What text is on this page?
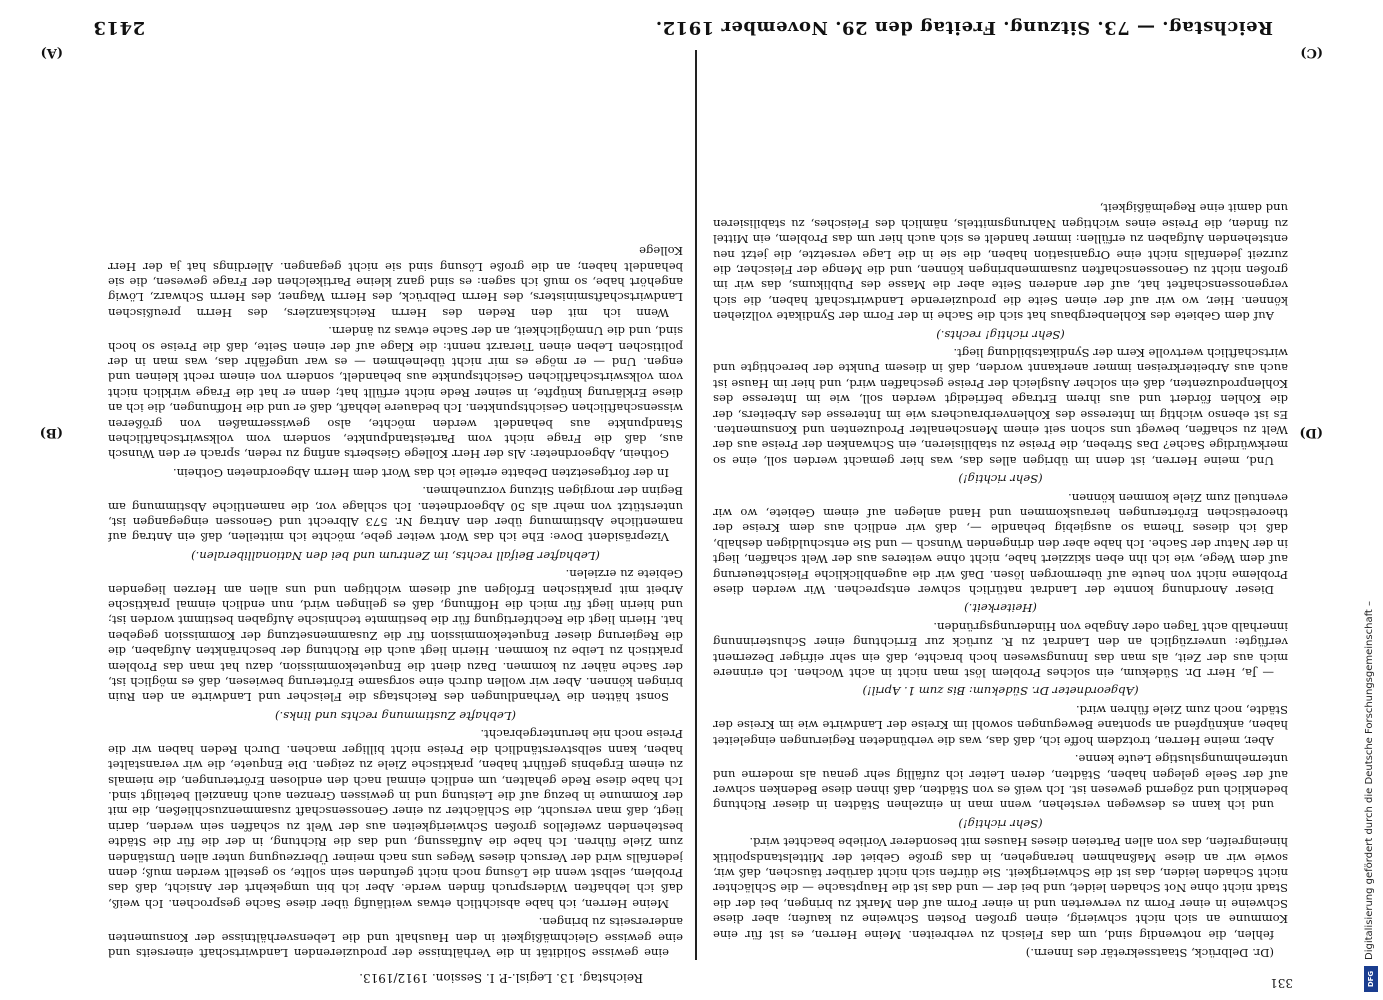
Reichstag. — 73. Sitzung. Freitag den 29. November 1912.
2413
(A)
(B)
(C)
(D)

(Dr. Delbrück, Staatssekretär des Innern.)

fehlen, die notwendig sind, um das Fleisch zu verbreiten. Meine Herren, es ist für eine Kommune an sich nicht schwierig, einen großen Posten Schweine zu kaufen; aber diese Schweine in einer Form zu verwerten und in einer Form auf den Markt zu bringen, bei der die Stadt nicht ohne Not Schaden leidet, und bei der — und das ist die Hauptsache — die Schlächter nicht Schaden leiden, das ist die Schwierigkeit. Sie dürfen sich nicht darüber täuschen, daß wir, sowie wir an diese Maßnahmen herangehen, in das große Gebiet der Mittelstandspolitik hineingreifen, das von allen Parteien dieses Hauses mit besonderer Vorliebe beachtet wird.

(Sehr richtig!)

und ich kann es deswegen verstehen, wenn man in einzelnen Städten in dieser Richtung bedenklich und zögernd gewesen ist. Ich weiß es von Städten, daß ihnen diese Bedenken schwer auf der Seele gelegen haben, Städten, deren Leiter ich zufällig sehr genau als moderne und unternehmungslustige Leute kenne.

Aber, meine Herren, trotzdem hoffe ich, daß das, was die verbündeten Regierungen eingeleitet haben, anknüpfend an spontane Bewegungen sowohl im Kreise der Landwirte wie im Kreise der Städte, noch zum Ziele führen wird.

(Abgeordneter Dr. Südekum: Bis zum 1. April!)

— Ja, Herr Dr. Südekum, ein solches Problem löst man nicht in acht Wochen. Ich erinnere mich aus der Zeit, als man das Innungswesen hoch brachte, daß ein sehr eifriger Dezernent verfügte: unverzüglich an den Landrat zu R. zurück zur Errichtung einer Schusterinnung innerhalb acht Tagen oder Angabe von Hinderungsgründen.

(Heiterkeit.)

Dieser Anordnung konnte der Landrat natürlich schwer entsprechen. Wir werden diese Probleme nicht von heute auf übermorgen lösen. Daß wir die augenblickliche Fleischteuerung auf dem Wege, wie ich ihn eben skizziert habe, nicht ohne weiteres aus der Welt schaffen, liegt in der Natur der Sache. Ich habe aber den dringenden Wunsch — und Sie entschuldigen deshalb, daß ich dieses Thema so ausgiebig behandle —, daß wir endlich aus dem Kreise der theoretischen Erörterungen herauskommen und Hand anlegen auf einem Gebiete, wo wir eventuell zum Ziele kommen können.

(Sehr richtig!)

Und, meine Herren, ist denn im übrigen alles das, was hier gemacht werden soll, eine so merkwürdige Sache? Das Streben, die Preise zu stabilisieren, ein Schwanken der Preise aus der Welt zu schaffen, bewegt uns schon seit einem Menschenalter Produzenten und Konsumenten. Es ist ebenso wichtig im Interesse des Kohlenverbrauchers wie im Interesse des Arbeiters, der die Kohlen fördert und aus ihrem Ertrage befriedigt werden soll, wie im Interesse des Kohlenproduzenten, daß ein solcher Ausgleich der Preise geschaffen wird, und hier im Hause ist auch aus Arbeiterkreisen immer anerkannt worden, daß in diesem Punkte der berechtigte und wirtschaftlich wertvolle Kern der Syndikatsbildung liegt.

(Sehr richtig! rechts.)

Auf dem Gebiete des Kohlenbergbaus hat sich die Sache in der Form der Syndikate vollziehen können. Hier, wo wir auf der einen Seite die produzierende Landwirtschaft haben, die sich vergenossenschaftet hat, auf der anderen Seite aber die Masse des Publikums, das wir im großen nicht zu Genossenschaften zusammenbringen können, und die Menge der Fleischer, die zurzeit jedenfalls nicht eine Organisation haben, die sie in die Lage versetzte, die jetzt neu entstehenden Aufgaben zu erfüllen: immer handelt es sich auch hier um das Problem, ein Mittel zu finden, die Preise eines wichtigen Nahrungsmittels, nämlich des Fleisches, zu stabilisieren und damit eine Regelmäßigkeit,

eine gewisse Solidität in die Verhältnisse der produzierenden Landwirtschaft einerseits und eine gewisse Gleichmäßigkeit in den Haushalt und die Lebensverhältnisse der Konsumenten andererseits zu bringen.

Meine Herren, ich habe absichtlich etwas weitläufig über diese Sache gesprochen. Ich weiß, daß ich lebhaften Widerspruch finden werde. Aber ich bin umgekehrt der Ansicht, daß das Problem, selbst wenn die Lösung noch nicht gefunden sein sollte, so gestellt werden muß; denn jedenfalls wird der Versuch dieses Weges uns nach meiner Überzeugung unter allen Umständen zum Ziele führen. Ich habe die Auffassung, und das die Richtung, in der die für die Städte bestehenden zweifellos großen Schwierigkeiten aus der Welt zu schaffen sein werden, darin liegt, daß man versucht, die Schlächter zu einer Genossenschaft zusammenzuschließen, die mit der Kommune in bezug auf die Leistung und in gewissen Grenzen auch finanziell beteiligt sind. Ich habe diese Rede gehalten, um endlich einmal nach den endlosen Erörterungen, die niemals zu einem Ergebnis geführt haben, praktische Ziele zu zeigen. Die Enquete, die wir veranstaltet haben, kann selbstverständlich die Preise nicht billiger machen. Durch Reden haben wir die Preise noch nie heruntergebracht.

(Lebhafte Zustimmung rechts und links.)

Sonst hätten die Verhandlungen des Reichstags die Fleischer und Landwirte an den Ruin bringen können. Aber wir wollen durch eine sorgsame Erörterung bewiesen, daß es möglich ist, der Sache näher zu kommen. Dazu dient die Enquetekommission, dazu hat man das Problem praktisch zu Leibe zu kommen. Hierin liegt auch die Richtung der beschränkten Aufgaben, die die Regierung dieser Enquetekommission für die Zusammensetzung der Kommission gegeben hat. Hierin liegt die Rechtfertigung für die bestimmte technische Aufgaben bestimmt worden ist; und hierin liegt für mich die Hoffnung, daß es gelingen wird, nun endlich einmal praktische Arbeit mit praktischen Erfolgen auf diesem wichtigen und uns allen am Herzen liegenden Gebiete zu erzielen.

(Lebhafter Beifall rechts, im Zentrum und bei den Nationalliberalen.)

Vizepräsident Dove: Ehe ich das Wort weiter gebe, möchte ich mitteilen, daß ein Antrag auf namentliche Abstimmung über den Antrag Nr. 573 Albrecht und Genossen eingegangen ist, unterstützt von mehr als 50 Abgeordneten. Ich schlage vor, die namentliche Abstimmung am Beginn der morgigen Sitzung vorzunehmen.

In der fortgesetzten Debatte erteile ich das Wort dem Herrn Abgeordneten Gothein.

Gothein, Abgeordneter: Als der Herr Kollege Giesberts anfing zu reden, sprach er den Wunsch aus, daß die Frage nicht vom Parteistandpunkte, sondern vom volkswirtschaftlichen Standpunkte aus behandelt werden möchte, also gewissermaßen von größeren wissenschaftlichen Gesichtspunkten. Ich bedauere lebhaft, daß er und die Hoffnungen, die ich an diese Erklärung knüpfte, in seiner Rede nicht erfüllt hat; denn er hat die Frage wirklich nicht vom volkswirtschaftlichen Gesichtspunkte aus behandelt, sondern von einem recht kleinen und engen. Und — er möge es mir nicht übelnehmen — es war ungefähr das, was man in der politischen Leben einen Tierarzt nennt: die Klage auf der einen Seite, daß die Preise so hoch sind, und die Unmöglichkeit, an der Sache etwas zu ändern.

Wenn ich mit den Reden des Herrn Reichskanzlers, des Herrn preußischen Landwirtschaftsministers, des Herrn Delbrück, des Herrn Wagner, des Herrn Schwarz, Löwig angehört habe, so muß ich sagen: es sind ganz kleine Partikelchen der Frage gewesen, die sie behandelt haben; an die große Lösung sind sie nicht gegangen. Allerdings hat ja der Herr Kollege

Reichstag. 13. Legisl.-P. I. Session. 1912/1913.	331
Digitalisierung gefördert durch die Deutsche Forschungsgemeinschaft –
DFG
